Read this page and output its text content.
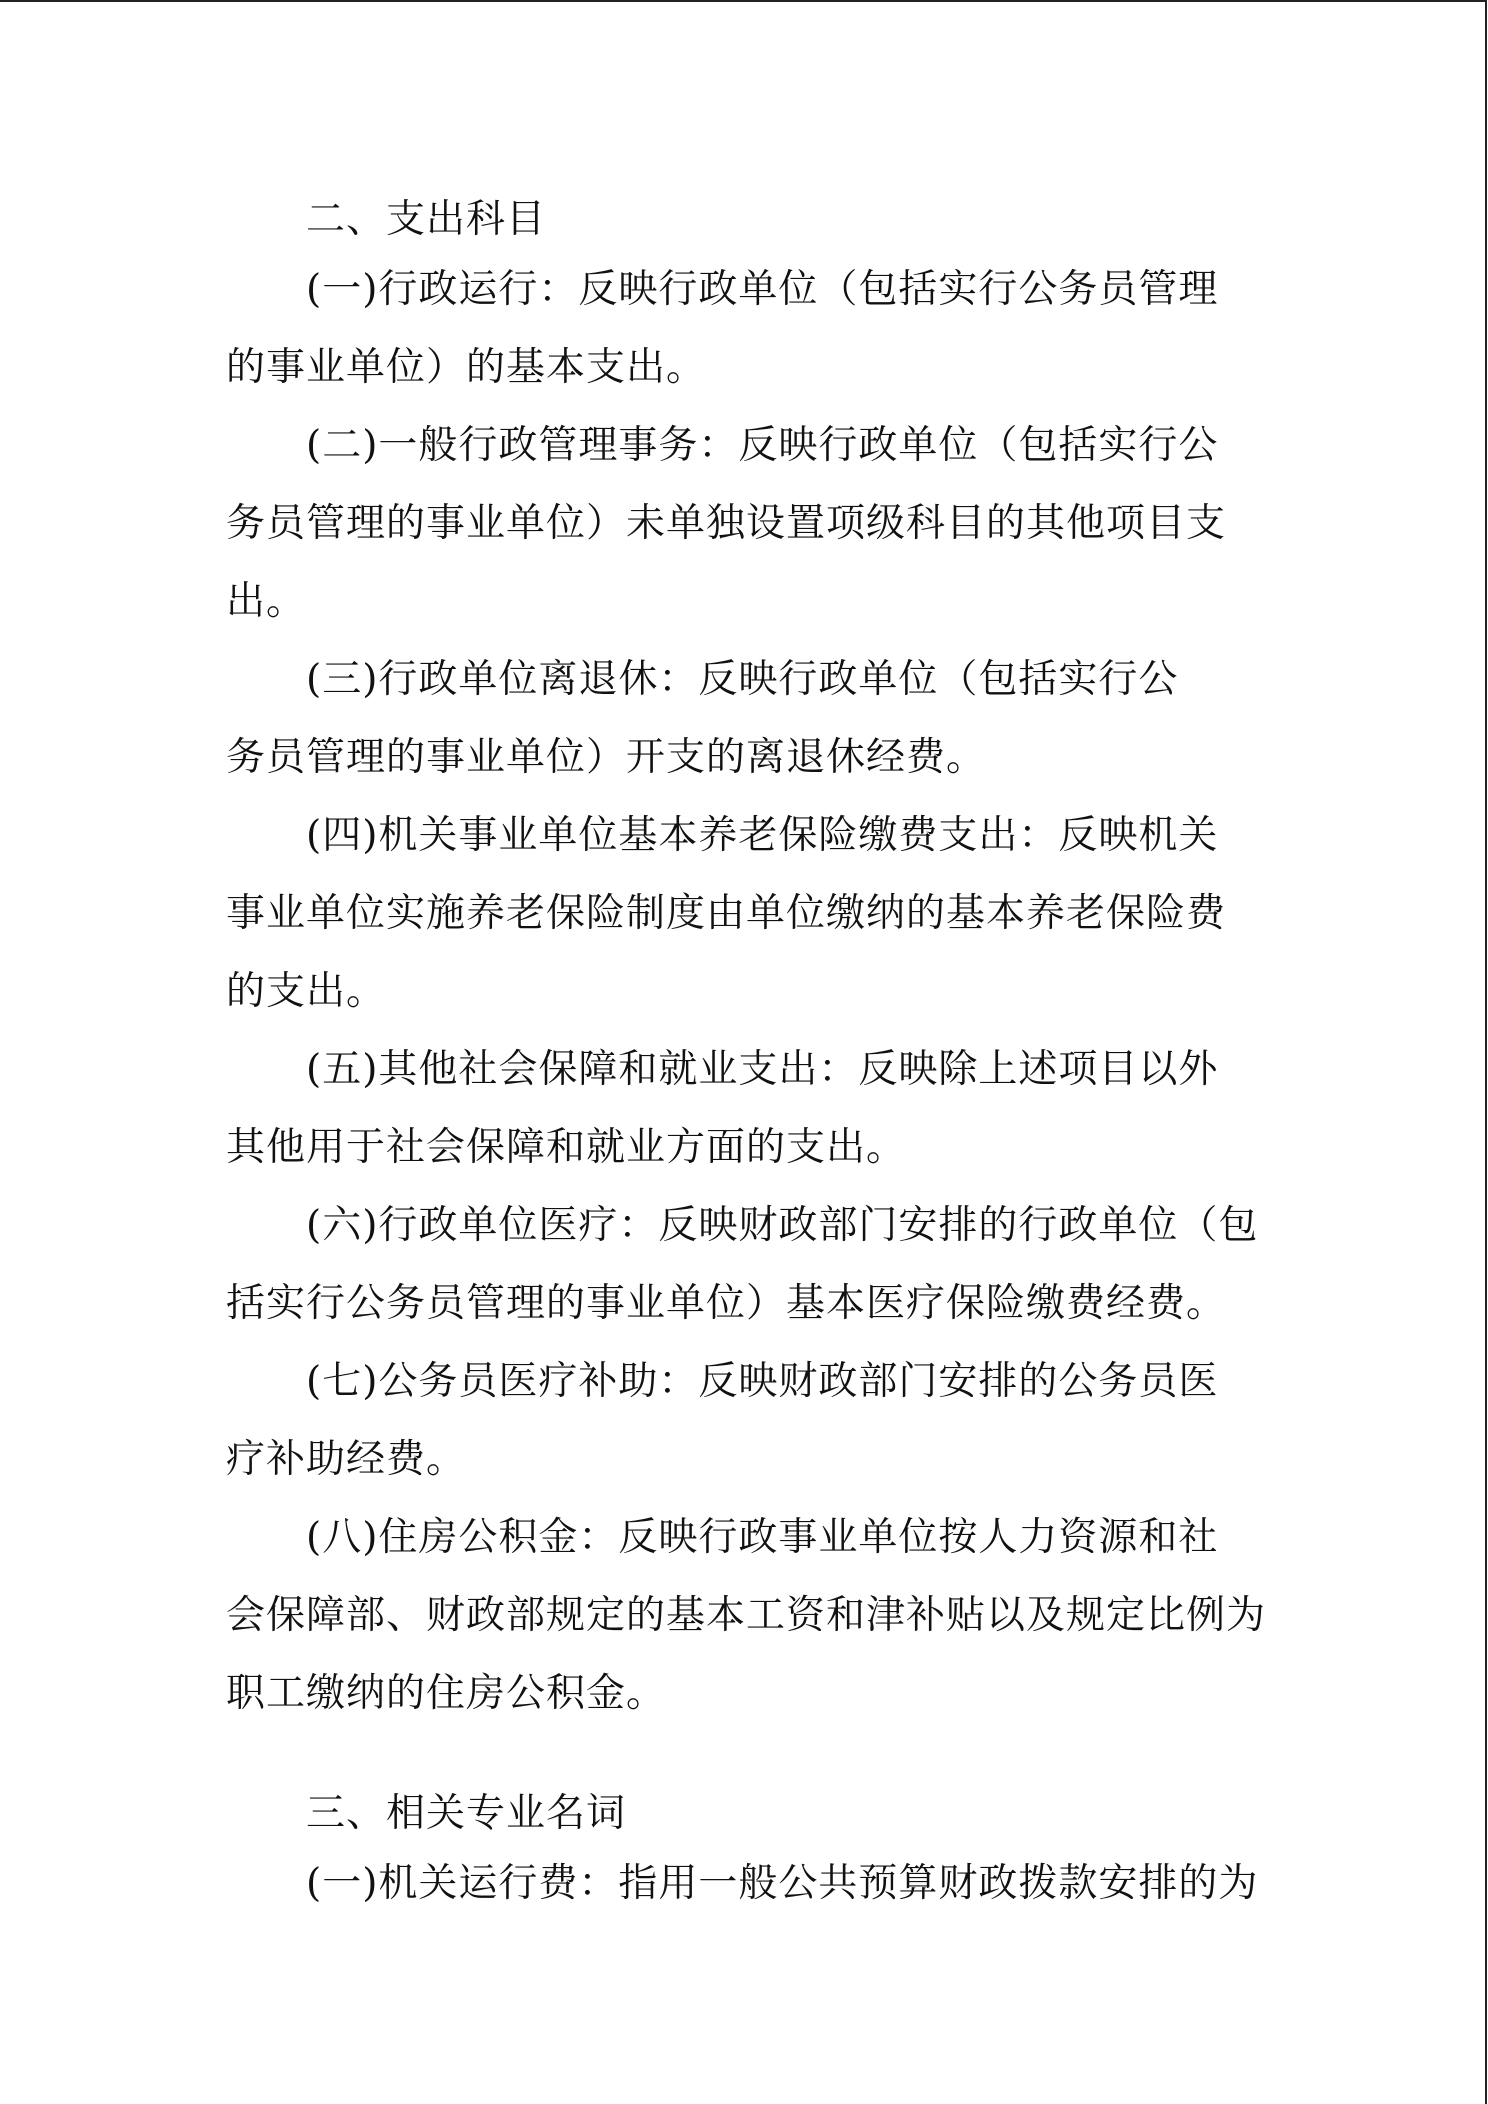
二、支出科目
(一)行政运行：反映行政单位（包括实行公务员管理
的事业单位）的基本支出。
(二)一般行政管理事务：反映行政单位（包括实行公
务员管理的事业单位）未单独设置项级科目的其他项目支
出。
(三)行政单位离退休：反映行政单位（包括实行公
务员管理的事业单位）开支的离退休经费。
(四)机关事业单位基本养老保险缴费支出：反映机关
事业单位实施养老保险制度由单位缴纳的基本养老保险费
的支出。
(五)其他社会保障和就业支出：反映除上述项目以外
其他用于社会保障和就业方面的支出。
(六)行政单位医疗：反映财政部门安排的行政单位（包
括实行公务员管理的事业单位）基本医疗保险缴费经费。
(七)公务员医疗补助：反映财政部门安排的公务员医
疗补助经费。
(八)住房公积金：反映行政事业单位按人力资源和社
会保障部、财政部规定的基本工资和津补贴以及规定比例为
职工缴纳的住房公积金。
三、相关专业名词
(一)机关运行费：指用一般公共预算财政拨款安排的为
